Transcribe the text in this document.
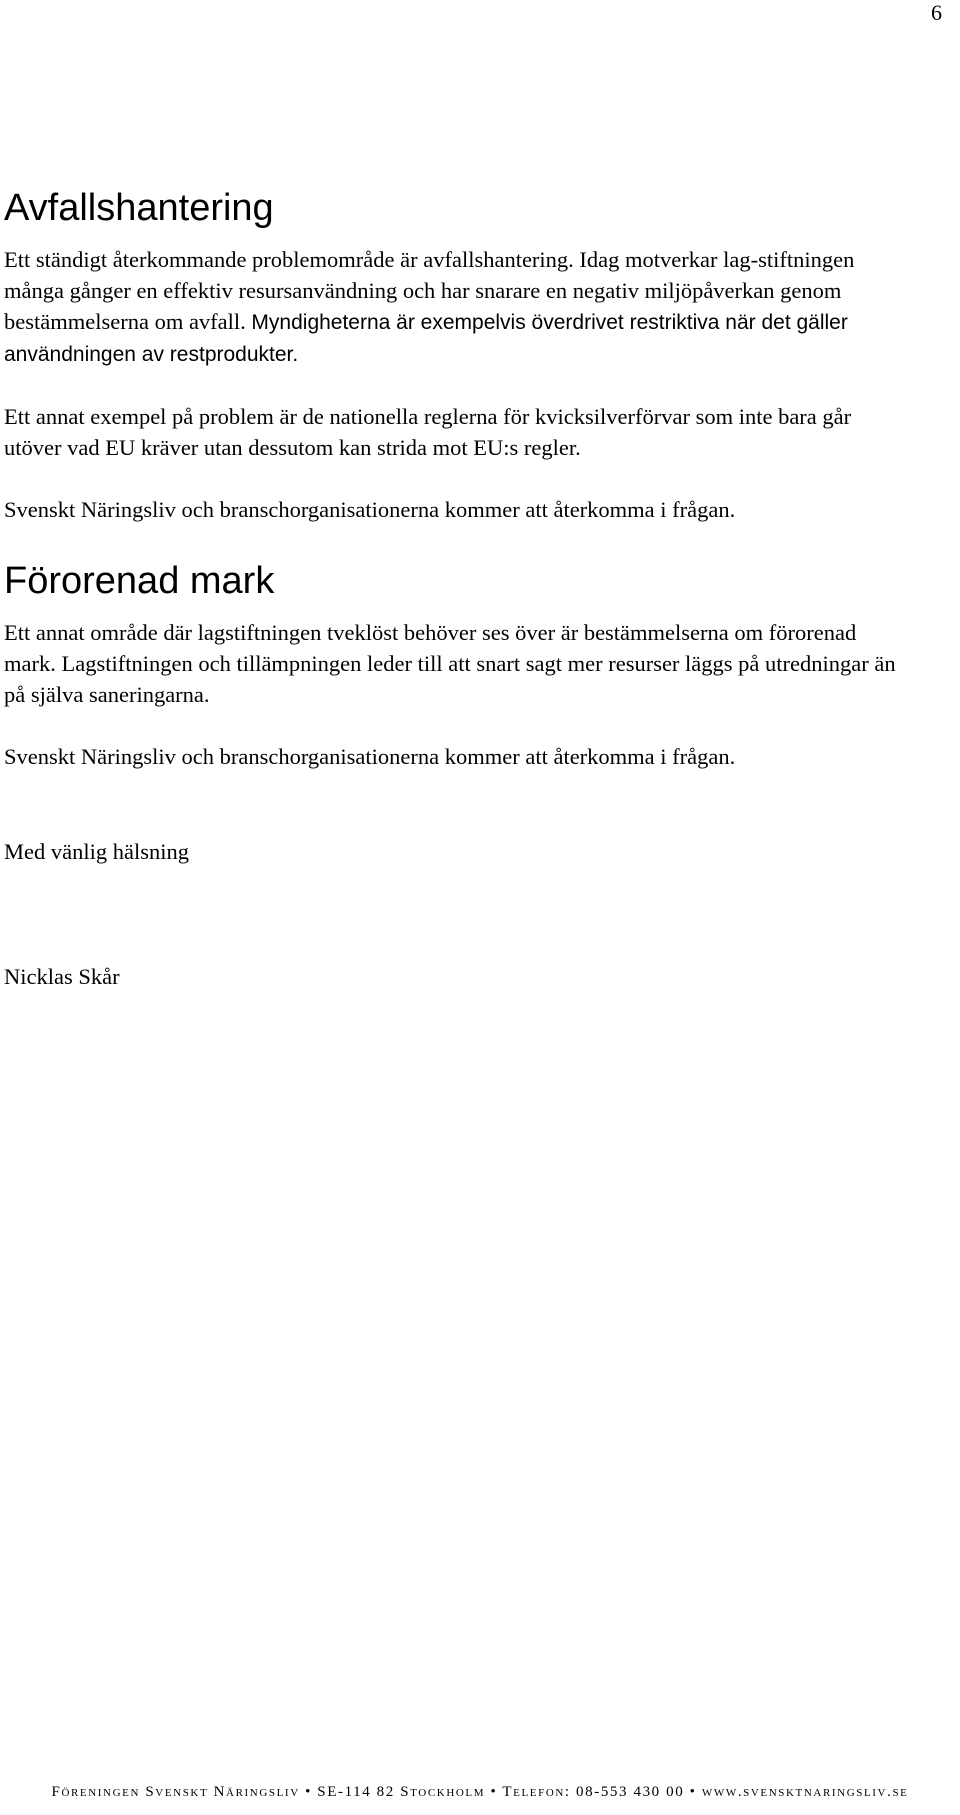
6
Avfallshantering

Ett ständigt återkommande problemområde är avfallshantering. Idag motverkar lag-stiftningen många gånger en effektiv resursanvändning och har snarare en negativ miljöpåverkan genom bestämmelserna om avfall. Myndigheterna är exempelvis överdrivet restriktiva när det gäller användningen av restprodukter.

Ett annat exempel på problem är de nationella reglerna för kvicksilverförvar som inte bara går utöver vad EU kräver utan dessutom kan strida mot EU:s regler.

Svenskt Näringsliv och branschorganisationerna kommer att återkomma i frågan.

Förorenad mark

Ett annat område där lagstiftningen tveklöst behöver ses över är bestämmelserna om förorenad mark. Lagstiftningen och tillämpningen leder till att snart sagt mer resurser läggs på utredningar än på själva saneringarna.

Svenskt Näringsliv och branschorganisationerna kommer att återkomma i frågan.

Med vänlig hälsning

Nicklas Skår

Föreningen Svenskt Näringsliv • SE-114 82 Stockholm • Telefon: 08-553 430 00 • www.svensktnaringsliv.se
